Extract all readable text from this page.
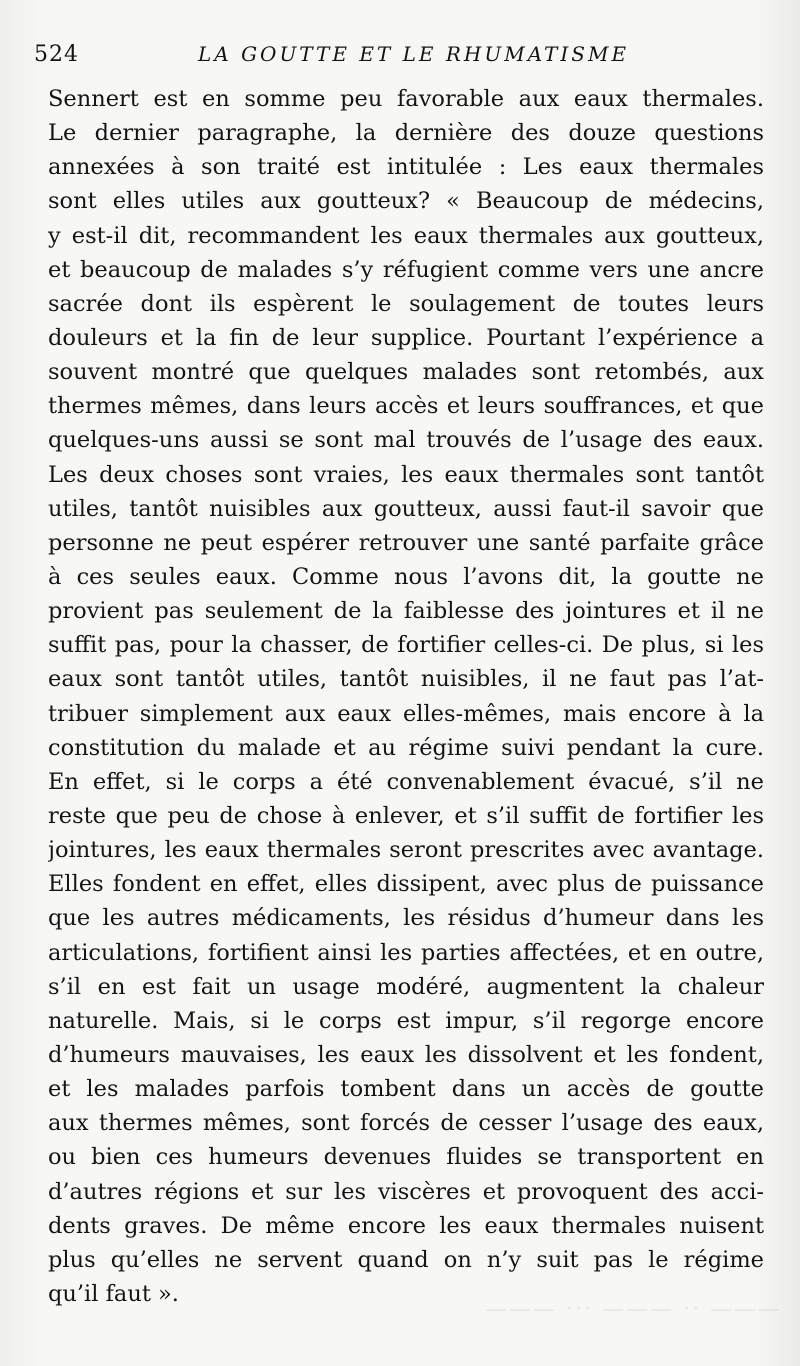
——— ·· ——— ··· ———
524	LA GOUTTE ET LE RHUMATISME
Sennert est en somme peu favorable aux eaux thermales.
Le dernier paragraphe, la dernière des douze questions
annexées à son traité est intitulée : Les eaux thermales
sont elles utiles aux goutteux? « Beaucoup de médecins,
y est-il dit, recommandent les eaux thermales aux goutteux,
et beaucoup de malades s’y réfugient comme vers une ancre
sacrée dont ils espèrent le soulagement de toutes leurs
douleurs et la fin de leur supplice. Pourtant l’expérience a
souvent montré que quelques malades sont retombés, aux
thermes mêmes, dans leurs accès et leurs souffrances, et que
quelques-uns aussi se sont mal trouvés de l’usage des eaux.
Les deux choses sont vraies, les eaux thermales sont tantôt
utiles, tantôt nuisibles aux goutteux, aussi faut-il savoir que
personne ne peut espérer retrouver une santé parfaite grâce
à ces seules eaux. Comme nous l’avons dit, la goutte ne
provient pas seulement de la faiblesse des jointures et il ne
suffit pas, pour la chasser, de fortifier celles-ci. De plus, si les
eaux sont tantôt utiles, tantôt nuisibles, il ne faut pas l’at-
tribuer simplement aux eaux elles-mêmes, mais encore à la
constitution du malade et au régime suivi pendant la cure.
En effet, si le corps a été convenablement évacué, s’il ne
reste que peu de chose à enlever, et s’il suffit de fortifier les
jointures, les eaux thermales seront prescrites avec avantage.
Elles fondent en effet, elles dissipent, avec plus de puissance
que les autres médicaments, les résidus d’humeur dans les
articulations, fortifient ainsi les parties affectées, et en outre,
s’il en est fait un usage modéré, augmentent la chaleur
naturelle. Mais, si le corps est impur, s’il regorge encore
d’humeurs mauvaises, les eaux les dissolvent et les fondent,
et les malades parfois tombent dans un accès de goutte
aux thermes mêmes, sont forcés de cesser l’usage des eaux,
ou bien ces humeurs devenues fluides se transportent en
d’autres régions et sur les viscères et provoquent des acci-
dents graves. De même encore les eaux thermales nuisent
plus qu’elles ne servent quand on n’y suit pas le régime
qu’il faut ».
